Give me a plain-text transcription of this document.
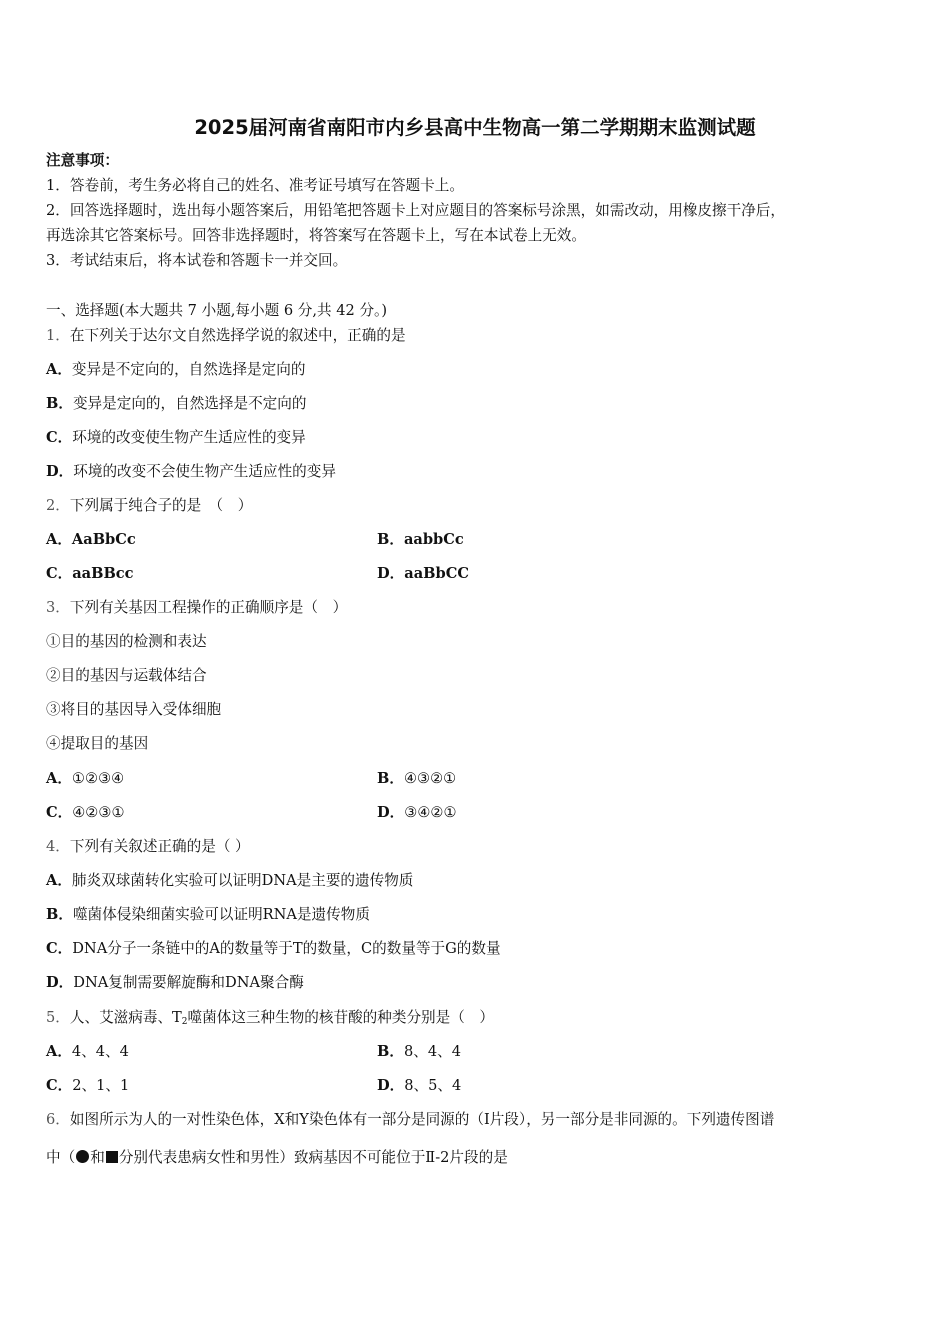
2025届河南省南阳市内乡县高中生物高一第二学期期末监测试题
注意事项：
1．答卷前，考生务必将自己的姓名、准考证号填写在答题卡上。
2．回答选择题时，选出每小题答案后，用铅笔把答题卡上对应题目的答案标号涂黑，如需改动，用橡皮擦干净后，
再选涂其它答案标号。回答非选择题时，将答案写在答题卡上，写在本试卷上无效。
3．考试结束后，将本试卷和答题卡一并交回。
一、选择题(本大题共 7 小题,每小题 6 分,共 42 分。)
1．在下列关于达尔文自然选择学说的叙述中，正确的是
A．变异是不定向的，自然选择是定向的
B．变异是定向的，自然选择是不定向的
C．环境的改变使生物产生适应性的变异
D．环境的改变不会使生物产生适应性的变异
2．下列属于纯合子的是　（　）
A．AaBbCc	B．aabbCc
C．aaBBcc	D．aaBbCC
3．下列有关基因工程操作的正确顺序是（　）
①目的基因的检测和表达
②目的基因与运载体结合
③将目的基因导入受体细胞
④提取目的基因
A．①②③④	B．④③②①
C．④②③①	D．③④②①
4．下列有关叙述正确的是（ ）
A．肺炎双球菌转化实验可以证明DNA是主要的遗传物质
B．噬菌体侵染细菌实验可以证明RNA是遗传物质
C．DNA分子一条链中的A的数量等于T的数量，C的数量等于G的数量
D．DNA复制需要解旋酶和DNA聚合酶
5．人、艾滋病毒、$T_2$噬菌体这三种生物的核苷酸的种类分别是（　）
A．4、4、4	B．8、4、4
C．2、1、1	D．8、5、4
6．如图所示为人的一对性染色体，X和Y染色体有一部分是同源的（Ⅰ片段），另一部分是非同源的。下列遗传图谱
中（ 和 分别代表患病女性和男性）致病基因不可能位于Ⅱ-2片段的是
